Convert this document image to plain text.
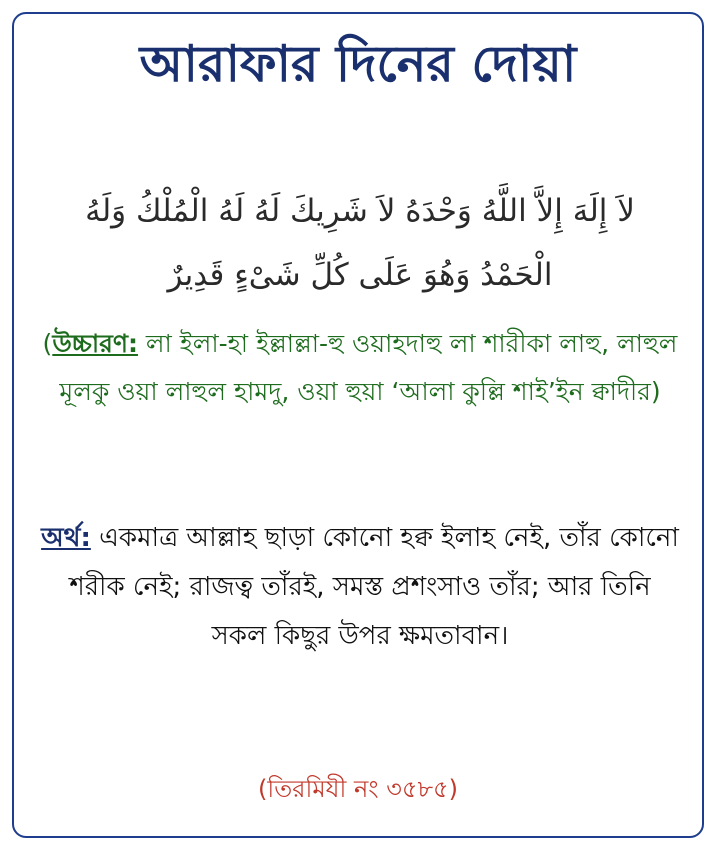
আরাফার দিনের দোয়া
لاَ إِلَهَ إِلاَّ اللَّهُ وَحْدَهُ لاَ شَرِيكَ لَهُ لَهُ الْمُلْكُ وَلَهُ
الْحَمْدُ وَهُوَ عَلَى كُلِّ شَىْءٍ قَدِيرٌ
(উচ্চারণ: লা ইলা-হা ইল্লাল্লা-হু ওয়াহদাহু লা শারীকা লাহু, লাহুল মূলকু ওয়া লাহুল হামদু, ওয়া হুয়া ‘আলা কুল্লি শাই’ইন ক্বাদীর)
অর্থ: একমাত্র আল্লাহ ছাড়া কোনো হক্ব ইলাহ নেই, তাঁর কোনো শরীক নেই; রাজত্ব তাঁরই, সমস্ত প্রশংসাও তাঁর; আর তিনি সকল কিছুর উপর ক্ষমতাবান।
(তিরমিযী নং ৩৫৮৫)
